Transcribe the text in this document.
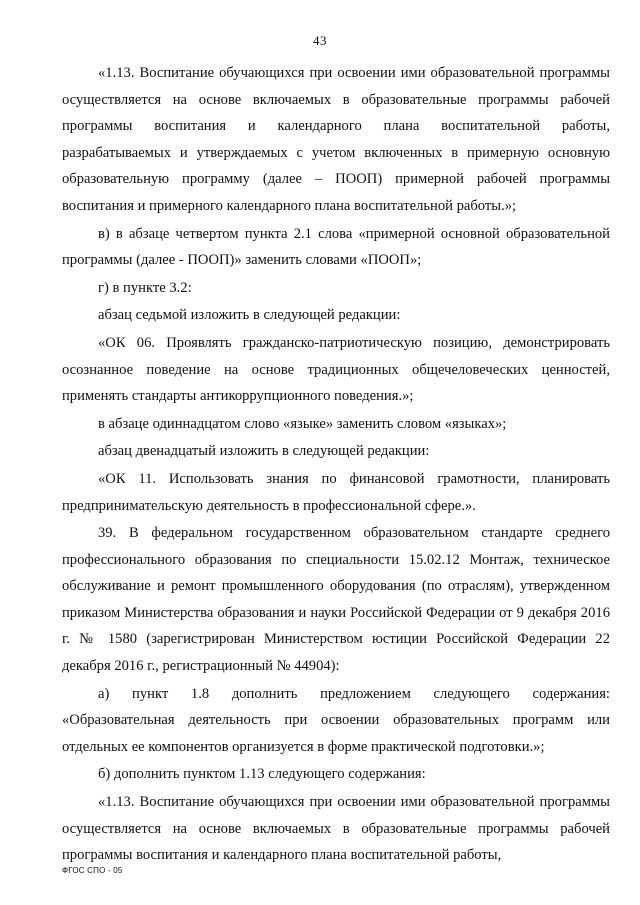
43

«1.13. Воспитание обучающихся при освоении ими образовательной программы осуществляется на основе включаемых в образовательные программы рабочей программы воспитания и календарного плана воспитательной работы, разрабатываемых и утверждаемых с учетом включенных в примерную основную образовательную программу (далее – ПООП) примерной рабочей программы воспитания и примерного календарного плана воспитательной работы.»;

в) в абзаце четвертом пункта 2.1 слова «примерной основной образовательной программы (далее - ПООП)» заменить словами «ПООП»;

г) в пункте 3.2:

абзац седьмой изложить в следующей редакции:

«ОК 06. Проявлять гражданско-патриотическую позицию, демонстрировать осознанное поведение на основе традиционных общечеловеческих ценностей, применять стандарты антикоррупционного поведения.»;

в абзаце одиннадцатом слово «языке» заменить словом «языках»;

абзац двенадцатый изложить в следующей редакции:

«ОК 11. Использовать знания по финансовой грамотности, планировать предпринимательскую деятельность в профессиональной сфере.».

39. В федеральном государственном образовательном стандарте среднего профессионального образования по специальности 15.02.12 Монтаж, техническое обслуживание и ремонт промышленного оборудования (по отраслям), утвержденном приказом Министерства образования и науки Российской Федерации от 9 декабря 2016 г. № 1580 (зарегистрирован Министерством юстиции Российской Федерации 22 декабря 2016 г., регистрационный № 44904):

а) пункт 1.8 дополнить предложением следующего содержания: «Образовательная деятельность при освоении образовательных программ или отдельных ее компонентов организуется в форме практической подготовки.»;

б) дополнить пунктом 1.13 следующего содержания:

«1.13. Воспитание обучающихся при освоении ими образовательной программы осуществляется на основе включаемых в образовательные программы рабочей программы воспитания и календарного плана воспитательной работы,

ФГОС СПО - 05
